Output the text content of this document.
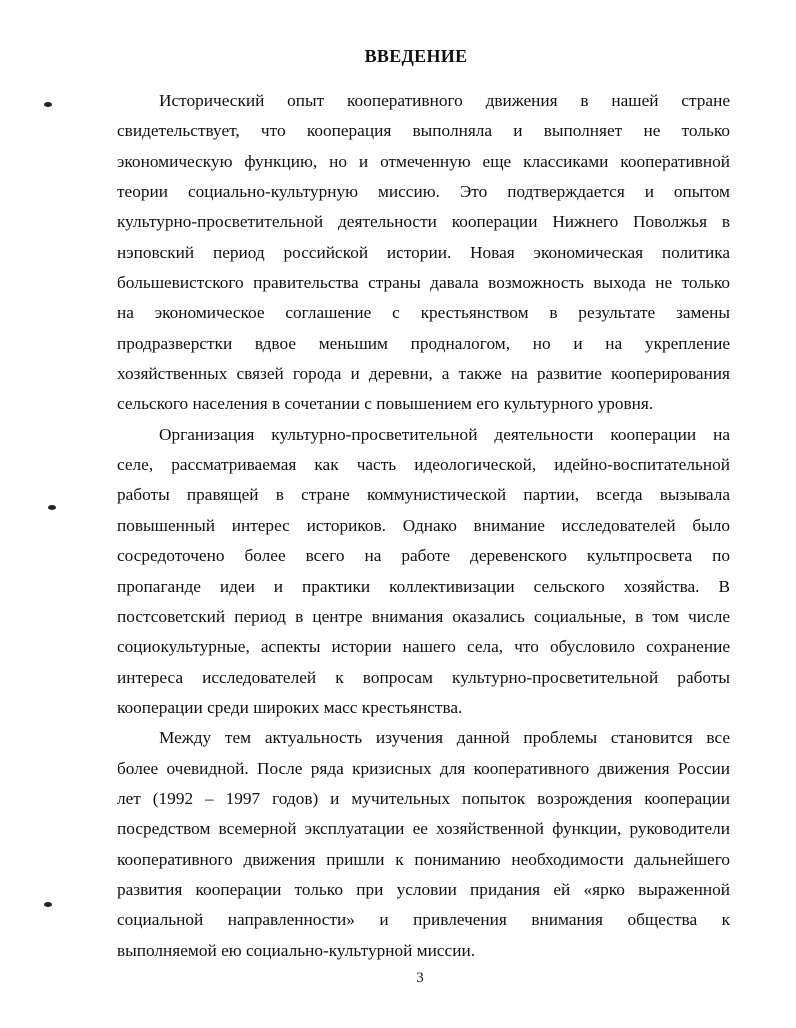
ВВЕДЕНИЕ
Исторический опыт кооперативного движения в нашей стране
свидетельствует, что кооперация выполняла и выполняет не только
экономическую функцию, но и отмеченную еще классиками кооперативной
теории социально-культурную миссию. Это подтверждается и опытом
культурно-просветительной деятельности кооперации Нижнего Поволжья в
нэповский период российской истории. Новая экономическая политика
большевистского правительства страны давала возможность выхода не только
на экономическое соглашение с крестьянством в результате замены
продразверстки вдвое меньшим продналогом, но и на укрепление
хозяйственных связей города и деревни, а также на развитие кооперирования
сельского населения в сочетании с повышением его культурного уровня.
Организация культурно-просветительной деятельности кооперации на
селе, рассматриваемая как часть идеологической, идейно-воспитательной
работы правящей в стране коммунистической партии, всегда вызывала
повышенный интерес историков. Однако внимание исследователей было
сосредоточено более всего на работе деревенского культпросвета по
пропаганде идеи и практики коллективизации сельского хозяйства. В
постсоветский период в центре внимания оказались социальные, в том числе
социокультурные, аспекты истории нашего села, что обусловило сохранение
интереса исследователей к вопросам культурно-просветительной работы
кооперации среди широких масс крестьянства.
Между тем актуальность изучения данной проблемы становится все
более очевидной. После ряда кризисных для кооперативного движения России
лет (1992 – 1997 годов) и мучительных попыток возрождения кооперации
посредством всемерной эксплуатации ее хозяйственной функции, руководители
кооперативного движения пришли к пониманию необходимости дальнейшего
развития кооперации только при условии придания ей «ярко выраженной
социальной направленности» и привлечения внимания общества к
выполняемой ею социально-культурной миссии.
3
